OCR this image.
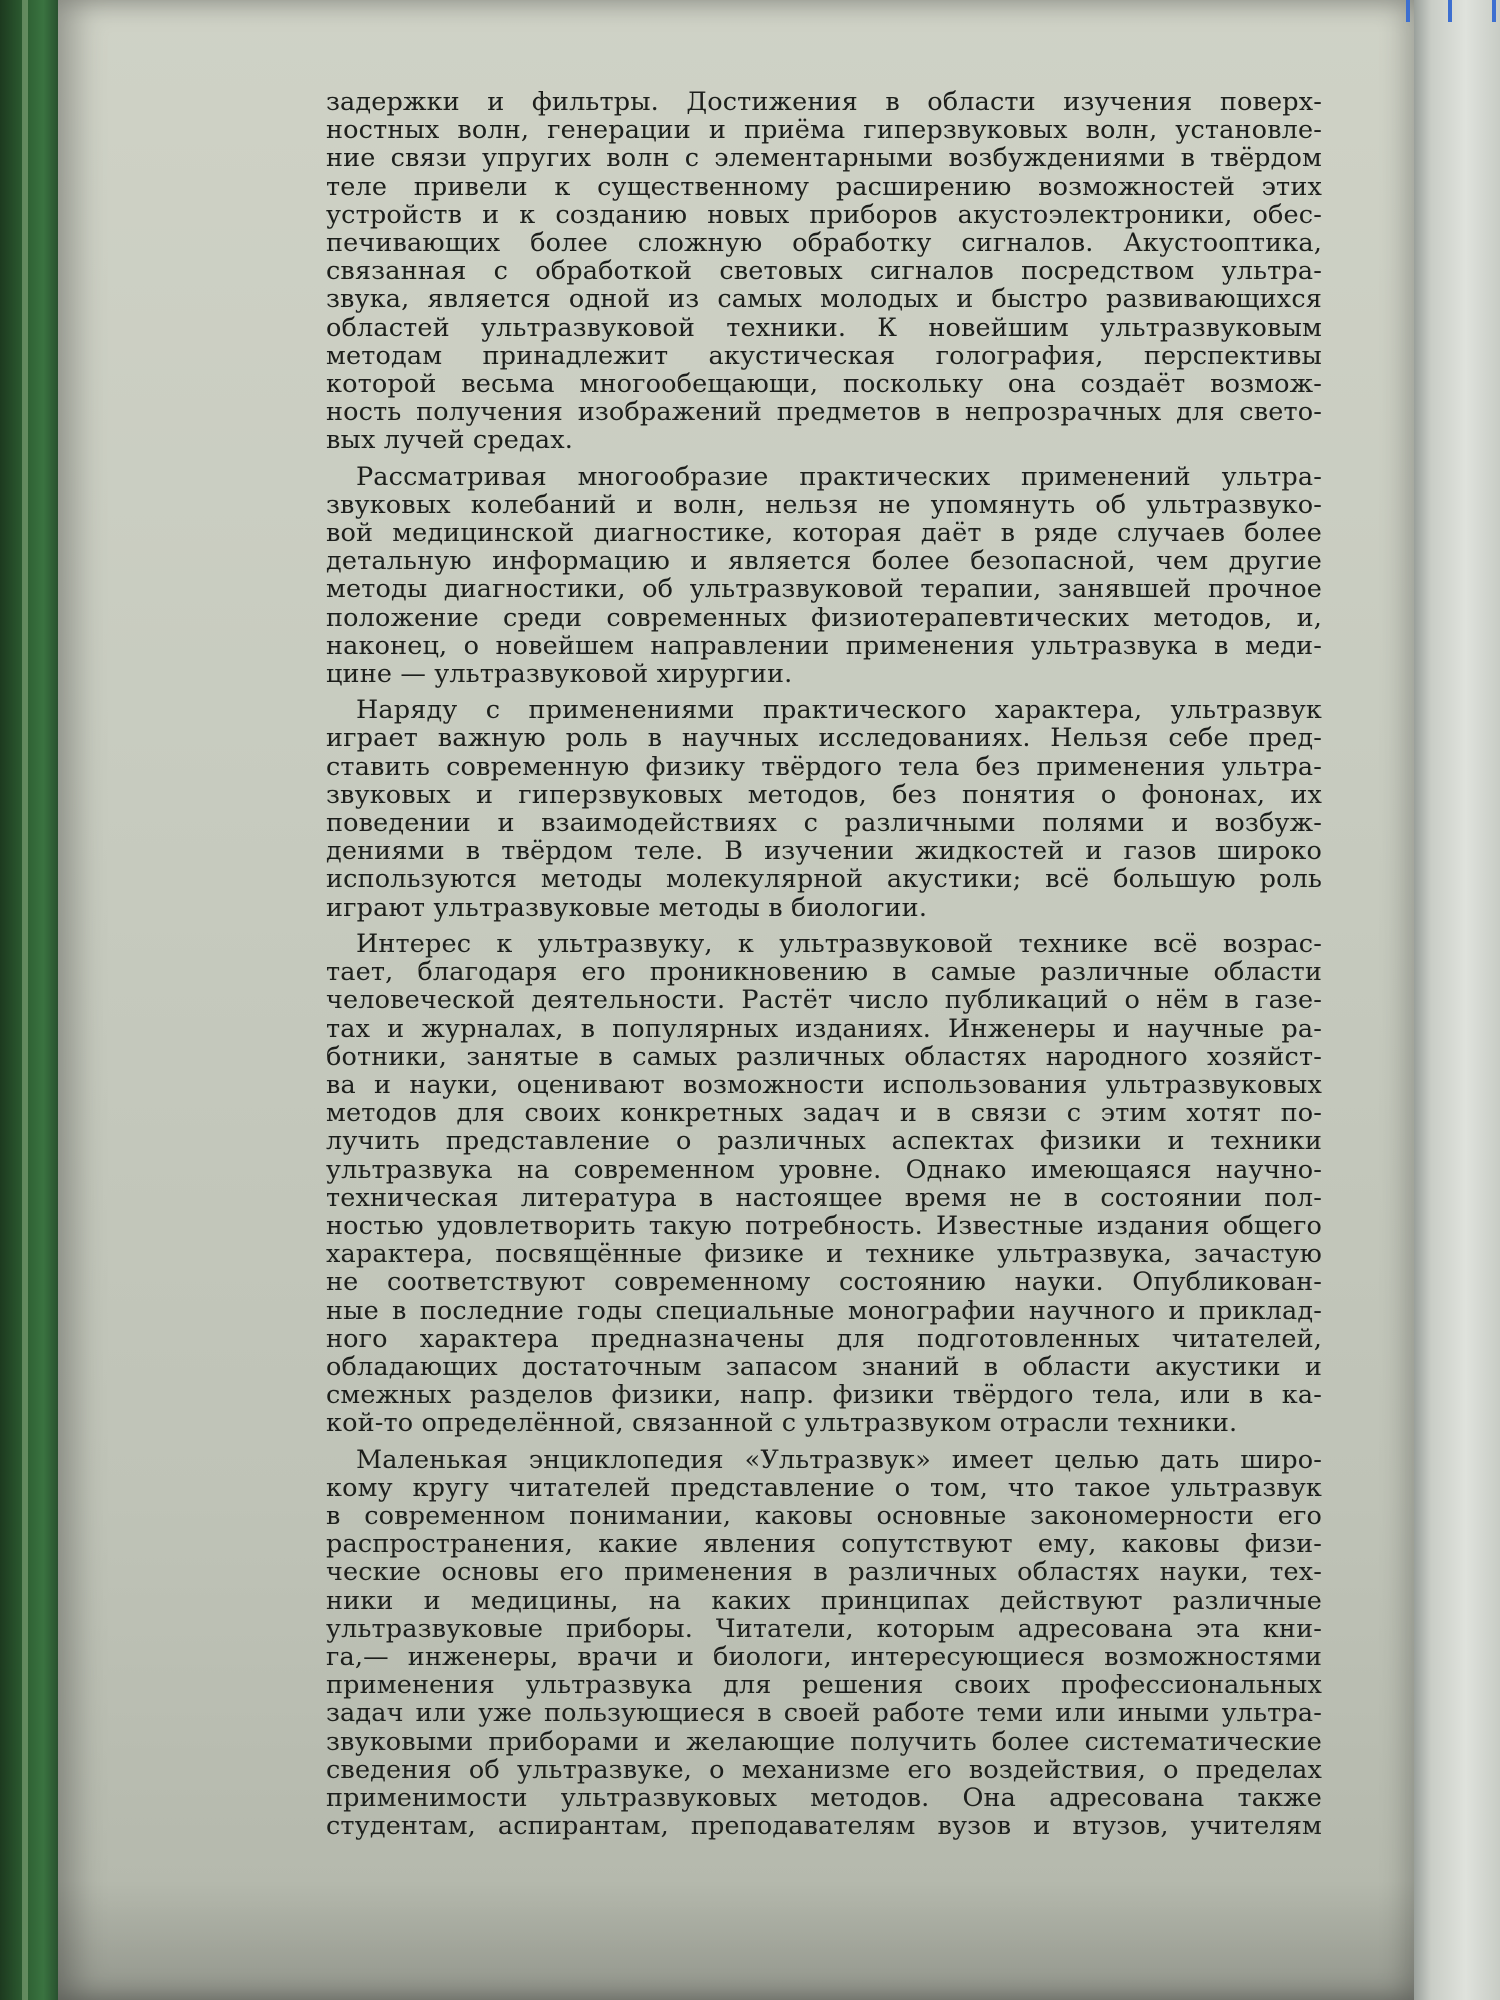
задержки и фильтры. Достижения в области изучения поверх-
ностных волн, генерации и приёма гиперзвуковых волн, установле-
ние связи упругих волн с элементарными возбуждениями в твёрдом
теле привели к существенному расширению возможностей этих
устройств и к созданию новых приборов акустоэлектроники, обес-
печивающих более сложную обработку сигналов. Акустооптика,
связанная с обработкой световых сигналов посредством ультра-
звука, является одной из самых молодых и быстро развивающихся
областей ультразвуковой техники. К новейшим ультразвуковым
методам принадлежит акустическая голография, перспективы
которой весьма многообещающи, поскольку она создаёт возмож-
ность получения изображений предметов в непрозрачных для свето-
вых лучей средах.
Рассматривая многообразие практических применений ультра-
звуковых колебаний и волн, нельзя не упомянуть об ультразвуко-
вой медицинской диагностике, которая даёт в ряде случаев более
детальную информацию и является более безопасной, чем другие
методы диагностики, об ультразвуковой терапии, занявшей прочное
положение среди современных физиотерапевтических методов, и,
наконец, о новейшем направлении применения ультразвука в меди-
цине — ультразвуковой хирургии.
Наряду с применениями практического характера, ультразвук
играет важную роль в научных исследованиях. Нельзя себе пред-
ставить современную физику твёрдого тела без применения ультра-
звуковых и гиперзвуковых методов, без понятия о фононах, их
поведении и взаимодействиях с различными полями и возбуж-
дениями в твёрдом теле. В изучении жидкостей и газов широко
используются методы молекулярной акустики; всё большую роль
играют ультразвуковые методы в биологии.
Интерес к ультразвуку, к ультразвуковой технике всё возрас-
тает, благодаря его проникновению в самые различные области
человеческой деятельности. Растёт число публикаций о нём в газе-
тах и журналах, в популярных изданиях. Инженеры и научные ра-
ботники, занятые в самых различных областях народного хозяйст-
ва и науки, оценивают возможности использования ультразвуковых
методов для своих конкретных задач и в связи с этим хотят по-
лучить представление о различных аспектах физики и техники
ультразвука на современном уровне. Однако имеющаяся научно-
техническая литература в настоящее время не в состоянии пол-
ностью удовлетворить такую потребность. Известные издания общего
характера, посвящённые физике и технике ультразвука, зачастую
не соответствуют современному состоянию науки. Опубликован-
ные в последние годы специальные монографии научного и приклад-
ного характера предназначены для подготовленных читателей,
обладающих достаточным запасом знаний в области акустики и
смежных разделов физики, напр. физики твёрдого тела, или в ка-
кой-то определённой, связанной с ультразвуком отрасли техники.
Маленькая энциклопедия «Ультразвук» имеет целью дать широ-
кому кругу читателей представление о том, что такое ультразвук
в современном понимании, каковы основные закономерности его
распространения, какие явления сопутствуют ему, каковы физи-
ческие основы его применения в различных областях науки, тех-
ники и медицины, на каких принципах действуют различные
ультразвуковые приборы. Читатели, которым адресована эта кни-
га,— инженеры, врачи и биологи, интересующиеся возможностями
применения ультразвука для решения своих профессиональных
задач или уже пользующиеся в своей работе теми или иными ультра-
звуковыми приборами и желающие получить более систематические
сведения об ультразвуке, о механизме его воздействия, о пределах
применимости ультразвуковых методов. Она адресована также
студентам, аспирантам, преподавателям вузов и втузов, учителям
